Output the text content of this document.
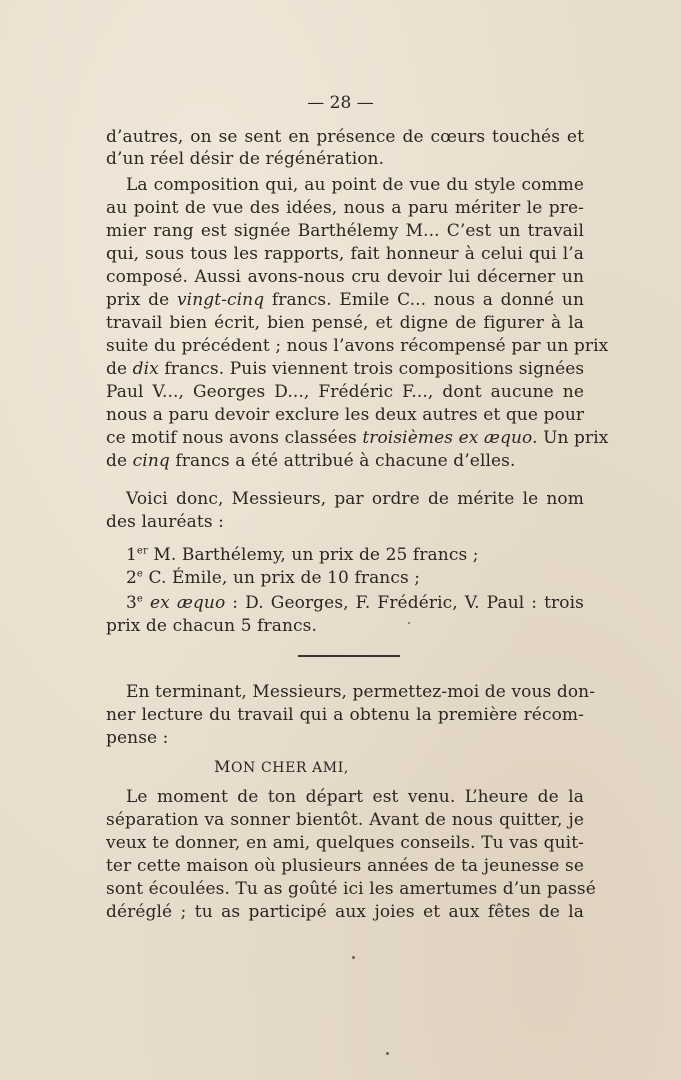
— 28 —
d’autres, on se sent en présence de cœurs touchés et
d’un réel désir de régénération.
La composition qui, au point de vue du style comme
au point de vue des idées, nous a paru mériter le pre-
mier rang est signée Barthélemy M... C’est un travail
qui, sous tous les rapports, fait honneur à celui qui l’a
composé. Aussi avons-nous cru devoir lui décerner un
prix de vingt-cinq francs. Emile C... nous a donné un
travail bien écrit, bien pensé, et digne de figurer à la
suite du précédent ; nous l’avons récompensé par un prix
de dix francs. Puis viennent trois compositions signées
Paul V..., Georges D..., Frédéric F..., dont aucune ne
nous a paru devoir exclure les deux autres et que pour
ce motif nous avons classées troisièmes ex æquo. Un prix
de cinq francs a été attribué à chacune d’elles.
Voici donc, Messieurs, par ordre de mérite le nom
des lauréats :
1er M. Barthélemy, un prix de 25 francs ;
2e C. Émile, un prix de 10 francs ;
3e ex æquo : D. Georges, F. Frédéric, V. Paul : trois
prix de chacun 5 francs.
En terminant, Messieurs, permettez-moi de vous don-
ner lecture du travail qui a obtenu la première récom-
pense :
MON CHER AMI,
Le moment de ton départ est venu. L’heure de la
séparation va sonner bientôt. Avant de nous quitter, je
veux te donner, en ami, quelques conseils. Tu vas quit-
ter cette maison où plusieurs années de ta jeunesse se
sont écoulées. Tu as goûté ici les amertumes d’un passé
déréglé ; tu as participé aux joies et aux fêtes de la
